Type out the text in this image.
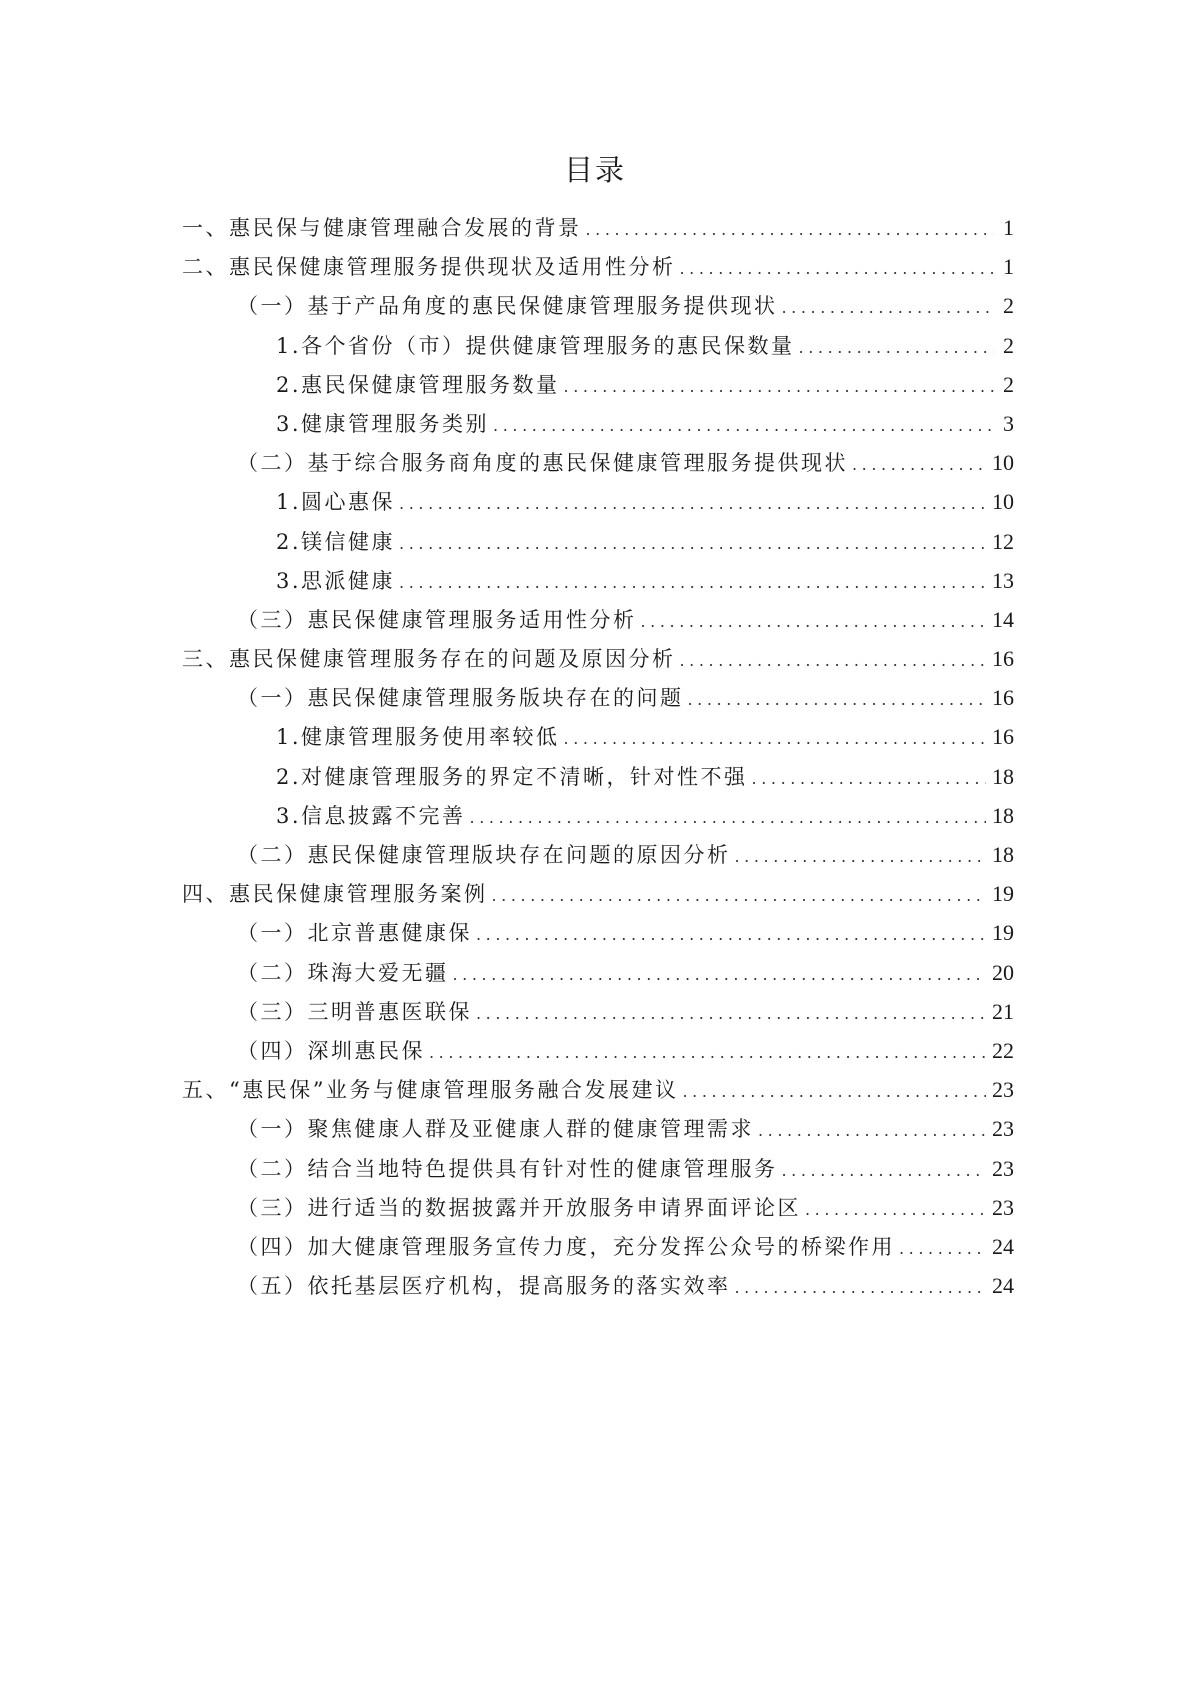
目录
一、惠民保与健康管理融合发展的背景 .....	1
二、惠民保健康管理服务提供现状及适用性分析 .....	1
（一）基于产品角度的惠民保健康管理服务提供现状 .....	2
1.各个省份（市）提供健康管理服务的惠民保数量 .....	2
2.惠民保健康管理服务数量 .....	2
3.健康管理服务类别 .....	3
（二）基于综合服务商角度的惠民保健康管理服务提供现状 .....	10
1.圆心惠保 .....	10
2.镁信健康 .....	12
3.思派健康 .....	13
（三）惠民保健康管理服务适用性分析 .....	14
三、惠民保健康管理服务存在的问题及原因分析 .....	16
（一）惠民保健康管理服务版块存在的问题 .....	16
1.健康管理服务使用率较低 .....	16
2.对健康管理服务的界定不清晰，针对性不强 .....	18
3.信息披露不完善 .....	18
（二）惠民保健康管理版块存在问题的原因分析 .....	18
四、惠民保健康管理服务案例 .....	19
（一）北京普惠健康保 .....	19
（二）珠海大爱无疆 .....	20
（三）三明普惠医联保 .....	21
（四）深圳惠民保 .....	22
五、“惠民保”业务与健康管理服务融合发展建议 .....	23
（一）聚焦健康人群及亚健康人群的健康管理需求 .....	23
（二）结合当地特色提供具有针对性的健康管理服务 .....	23
（三）进行适当的数据披露并开放服务申请界面评论区 .....	23
（四）加大健康管理服务宣传力度，充分发挥公众号的桥梁作用 .....	24
（五）依托基层医疗机构，提高服务的落实效率 .....	24
